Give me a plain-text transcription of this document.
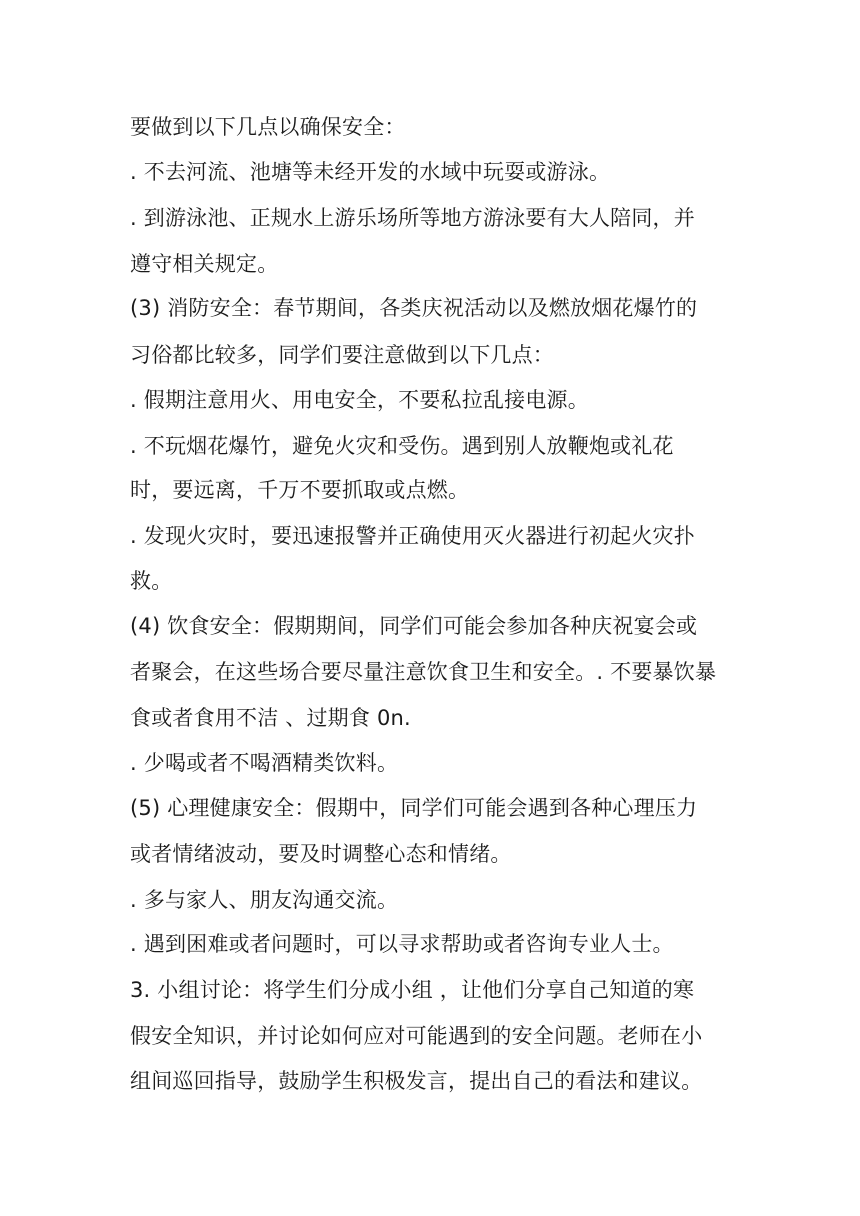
要做到以下几点以确保安全：
. 不去河流、池塘等未经开发的水域中玩耍或游泳。
. 到游泳池、正规水上游乐场所等地方游泳要有大人陪同，并
遵守相关规定。
(3) 消防安全：春节期间，各类庆祝活动以及燃放烟花爆竹的
习俗都比较多，同学们要注意做到以下几点：
. 假期注意用火、用电安全，不要私拉乱接电源。
. 不玩烟花爆竹，避免火灾和受伤。遇到别人放鞭炮或礼花
时，要远离，千万不要抓取或点燃。
. 发现火灾时，要迅速报警并正确使用灭火器进行初起火灾扑
救。
(4) 饮食安全：假期期间，同学们可能会参加各种庆祝宴会或
者聚会，在这些场合要尽量注意饮食卫生和安全。. 不要暴饮暴
食或者食用不洁 、过期食 0n.
. 少喝或者不喝酒精类饮料。
(5) 心理健康安全：假期中，同学们可能会遇到各种心理压力
或者情绪波动，要及时调整心态和情绪。
. 多与家人、朋友沟通交流。
. 遇到困难或者问题时，可以寻求帮助或者咨询专业人士。
3. 小组讨论：将学生们分成小组 ，让他们分享自己知道的寒
假安全知识，并讨论如何应对可能遇到的安全问题。老师在小
组间巡回指导，鼓励学生积极发言，提出自己的看法和建议。
